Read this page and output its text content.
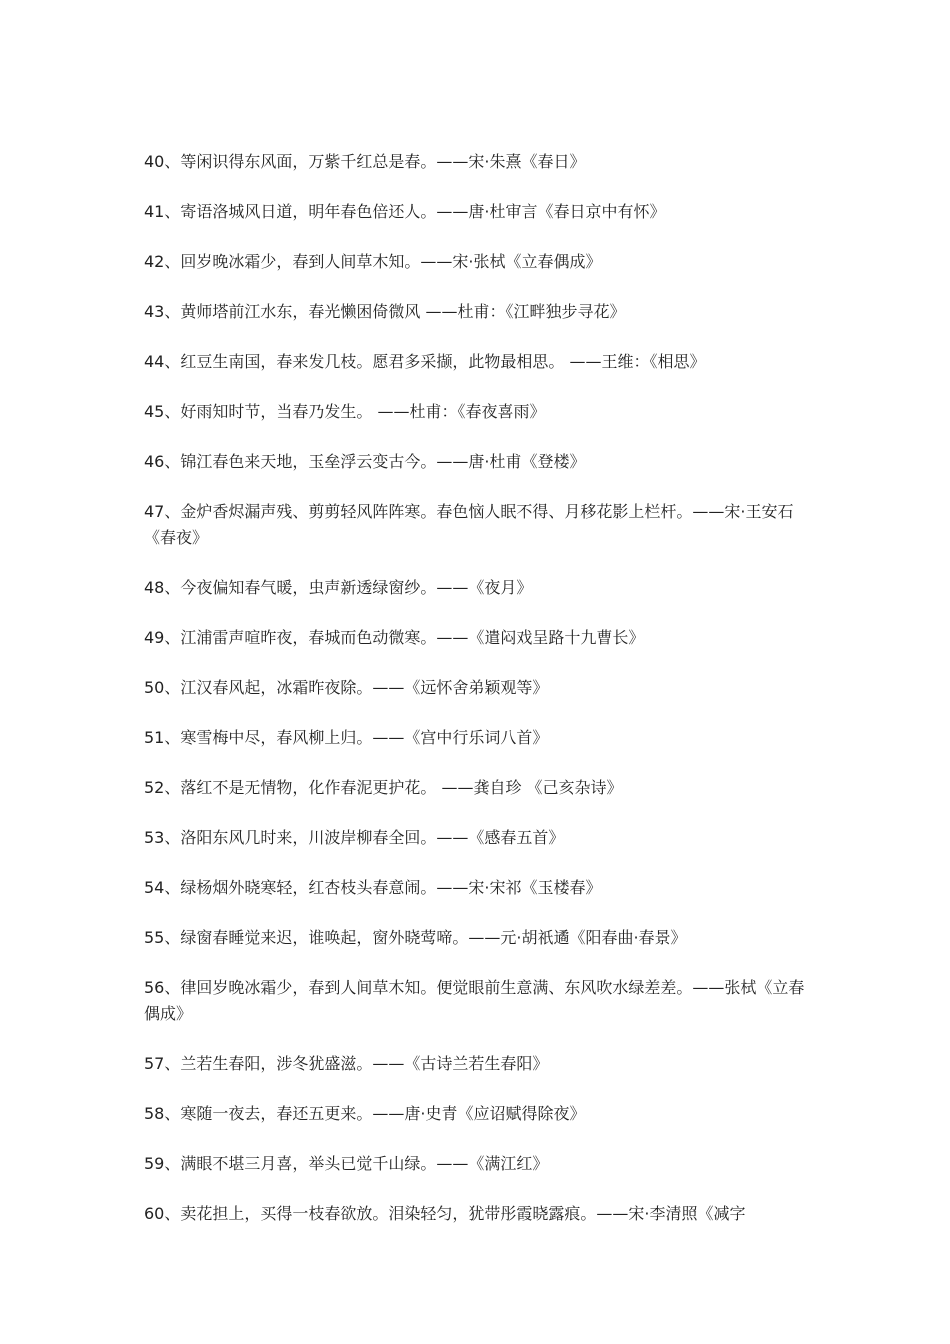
40、等闲识得东风面，万紫千红总是春。——宋·朱熹《春日》

41、寄语洛城风日道，明年春色倍还人。——唐·杜审言《春日京中有怀》

42、回岁晚冰霜少，春到人间草木知。——宋·张栻《立春偶成》

43、黄师塔前江水东，春光懒困倚微风 ——杜甫：《江畔独步寻花》

44、红豆生南国，春来发几枝。愿君多采撷，此物最相思。 ——王维：《相思》

45、好雨知时节，当春乃发生。 ——杜甫：《春夜喜雨》

46、锦江春色来天地，玉垒浮云变古今。——唐·杜甫《登楼》

47、金炉香烬漏声残、剪剪轻风阵阵寒。春色恼人眠不得、月移花影上栏杆。——宋·王安石《春夜》

48、今夜偏知春气暖，虫声新透绿窗纱。——《夜月》

49、江浦雷声喧昨夜，春城而色动微寒。——《遣闷戏呈路十九曹长》

50、江汉春风起，冰霜昨夜除。——《远怀舍弟颖观等》

51、寒雪梅中尽，春风柳上归。——《宫中行乐词八首》

52、落红不是无情物，化作春泥更护花。 ——龚自珍 《己亥杂诗》

53、洛阳东风几时来，川波岸柳春全回。——《感春五首》

54、绿杨烟外晓寒轻，红杏枝头春意闹。——宋·宋祁《玉楼春》

55、绿窗春睡觉来迟，谁唤起，窗外晓莺啼。——元·胡祇遹《阳春曲·春景》

56、律回岁晚冰霜少，春到人间草木知。便觉眼前生意满、东风吹水绿差差。——张栻《立春偶成》

57、兰若生春阳，涉冬犹盛滋。——《古诗兰若生春阳》

58、寒随一夜去，春还五更来。——唐·史青《应诏赋得除夜》

59、满眼不堪三月喜，举头已觉千山绿。——《满江红》

60、卖花担上，买得一枝春欲放。泪染轻匀，犹带彤霞晓露痕。——宋·李清照《减字
